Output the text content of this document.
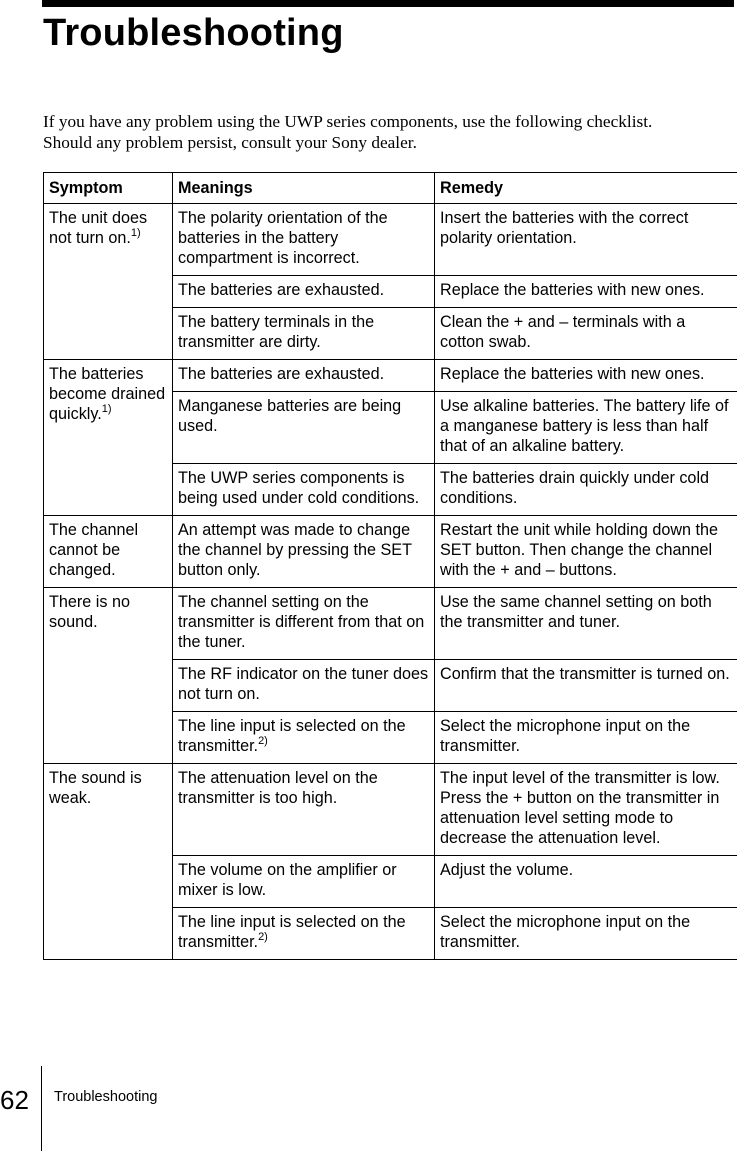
Troubleshooting

If you have any problem using the UWP series components, use the following checklist.

Should any problem persist, consult your Sony dealer.

Symptom	Meanings	Remedy
The unit does not turn on.$^{1)}$	The polarity orientation of the batteries in the battery compartment is incorrect.	Insert the batteries with the correct polarity orientation.
	The batteries are exhausted.	Replace the batteries with new ones.
	The battery terminals in the transmitter are dirty.	Clean the + and – terminals with a cotton swab.
The batteries become drained quickly.$^{1)}$	The batteries are exhausted.	Replace the batteries with new ones.
	Manganese batteries are being used.	Use alkaline batteries. The battery life of a manganese battery is less than half that of an alkaline battery.
	The UWP series components is being used under cold conditions.	The batteries drain quickly under cold conditions.
The channel cannot be changed.	An attempt was made to change the channel by pressing the SET button only.	Restart the unit while holding down the SET button. Then change the channel with the + and – buttons.
There is no sound.	The channel setting on the transmitter is different from that on the tuner.	Use the same channel setting on both the transmitter and tuner.
	The RF indicator on the tuner does not turn on.	Confirm that the transmitter is turned on.
	The line input is selected on the transmitter.$^{2)}$	Select the microphone input on the transmitter.
The sound is weak.	The attenuation level on the transmitter is too high.	The input level of the transmitter is low. Press the + button on the transmitter in attenuation level setting mode to decrease the attenuation level.
	The volume on the amplifier or mixer is low.	Adjust the volume.
	The line input is selected on the transmitter.$^{2)}$	Select the microphone input on the transmitter.
62 Troubleshooting
